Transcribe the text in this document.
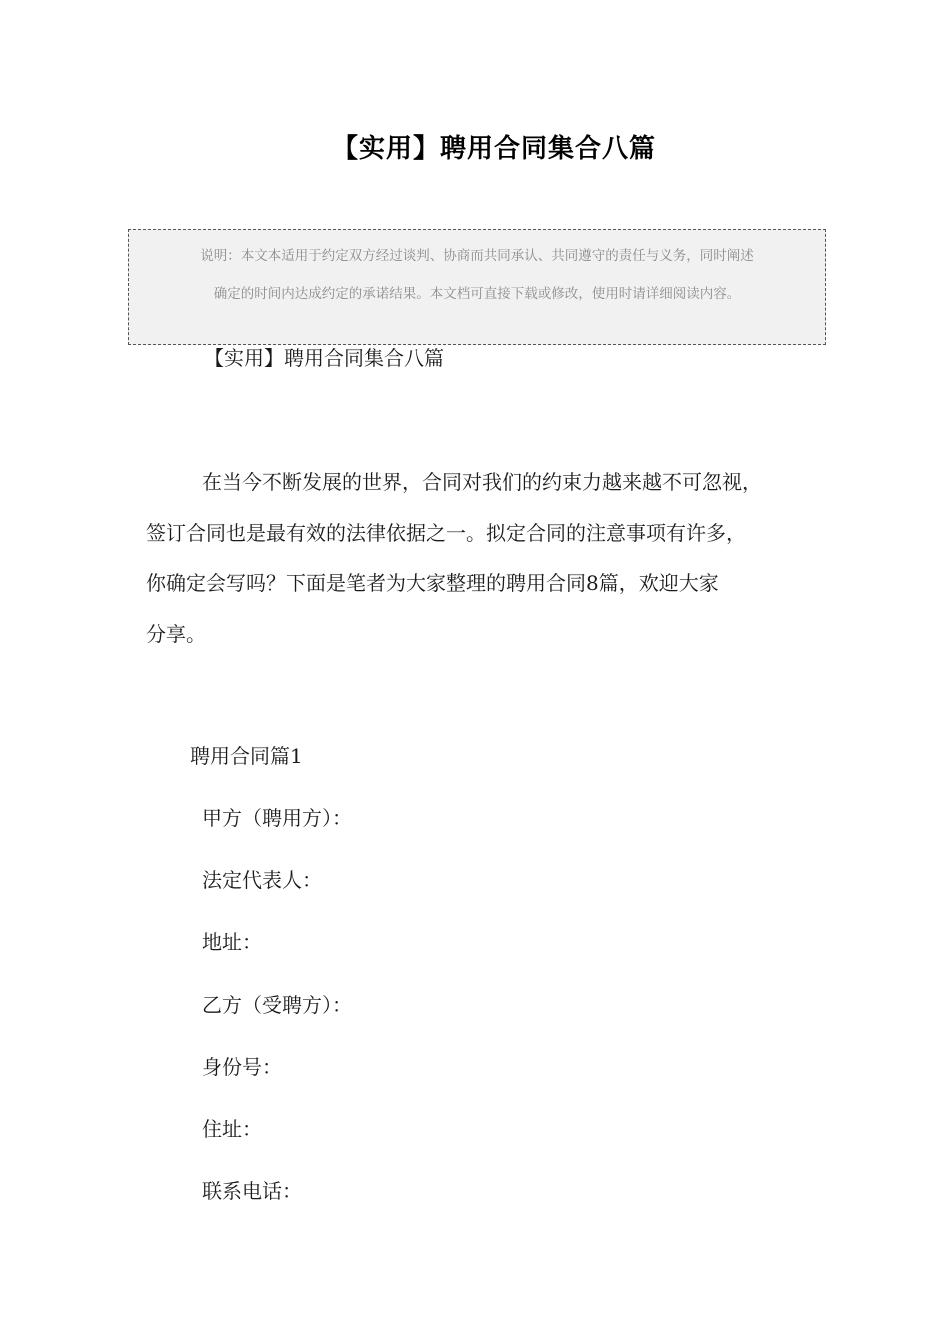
【实用】聘用合同集合八篇
说明：本文本适用于约定双方经过谈判、协商而共同承认、共同遵守的责任与义务，同时阐述
确定的时间内达成约定的承诺结果。本文档可直接下载或修改，使用时请详细阅读内容。
【实用】聘用合同集合八篇
在当今不断发展的世界，合同对我们的约束力越来越不可忽视，
签订合同也是最有效的法律依据之一。拟定合同的注意事项有许多，
你确定会写吗？下面是笔者为大家整理的聘用合同8篇，欢迎大家
分享。
聘用合同篇1
甲方（聘用方）：
法定代表人：
地址：
乙方（受聘方）：
身份号：
住址：
联系电话：
